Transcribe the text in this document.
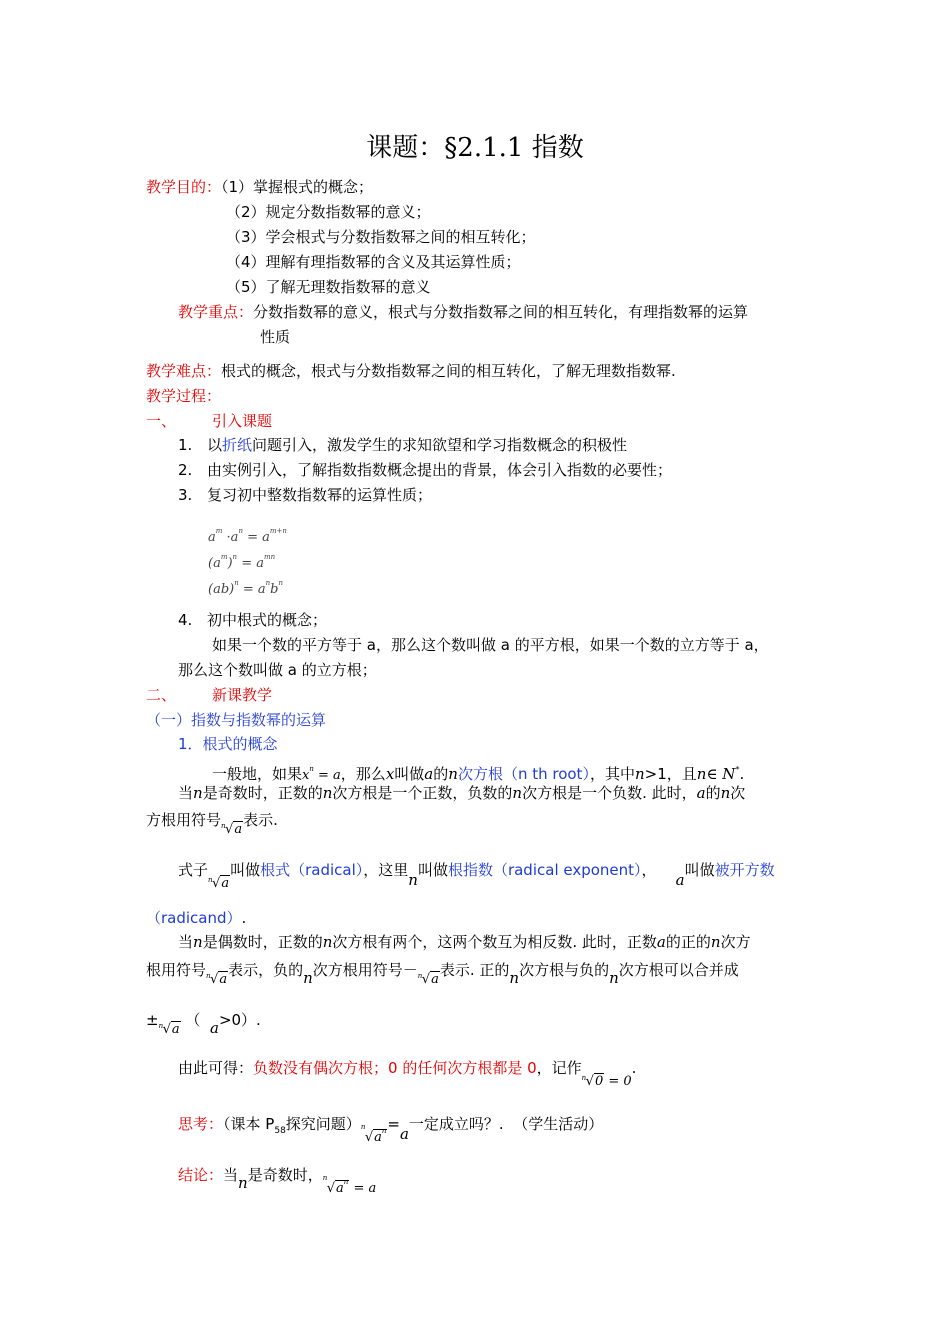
课题：§2.1.1 指数
教学目的：（1）掌握根式的概念；
（2）规定分数指数幂的意义；
（3）学会根式与分数指数幂之间的相互转化；
（4）理解有理指数幂的含义及其运算性质；
（5）了解无理数指数幂的意义
教学重点：分数指数幂的意义，根式与分数指数幂之间的相互转化，有理指数幂的运算
性质
教学难点：根式的概念，根式与分数指数幂之间的相互转化，了解无理数指数幂.
教学过程：
一、 引入课题
1. 以折纸问题引入，激发学生的求知欲望和学习指数概念的积极性
2. 由实例引入，了解指数指数概念提出的背景，体会引入指数的必要性；
3. 复习初中整数指数幂的运算性质；
$a^m \cdot a^n = a^{m+n}$
$(a^m)^n = a^{mn}$
$(ab)^n = a^nb^n$
4. 初中根式的概念；
如果一个数的平方等于 a，那么这个数叫做 a 的平方根，如果一个数的立方等于 a，
那么这个数叫做 a 的立方根；
二、 新课教学
（一）指数与指数幂的运算
1．根式的概念
一般地，如果$x^n = a$，那么x叫做a的n次方根（n th root），其中n>1，且n∈ N*.
当n是奇数时，正数的n次方根是一个正数，负数的n次方根是一个负数. 此时，a的n次
方根用符号 n √a表示.
式子
n √a叫做根式（radical），这里n叫做根指数（radical exponent），    a叫做被开方数
（radicand）.
当n是偶数时，正数的n次方根有两个，这两个数互为相反数. 此时，正数a的正的n次方
根用符号 n √a表示，负的n次方根用符号－ n √a表示. 正的n次方根与负的n次方根可以合并成
± n √a （ a>0）.
由此可得：负数没有偶次方根；0 的任何次方根都是 0，记作
n √0 = 0.
思考：（课本 $P_{58}$探究问题） n
$√a^n=a$一定成立吗？. （学生活动）
结论：当n是奇数时， n
$√a^n = a$
